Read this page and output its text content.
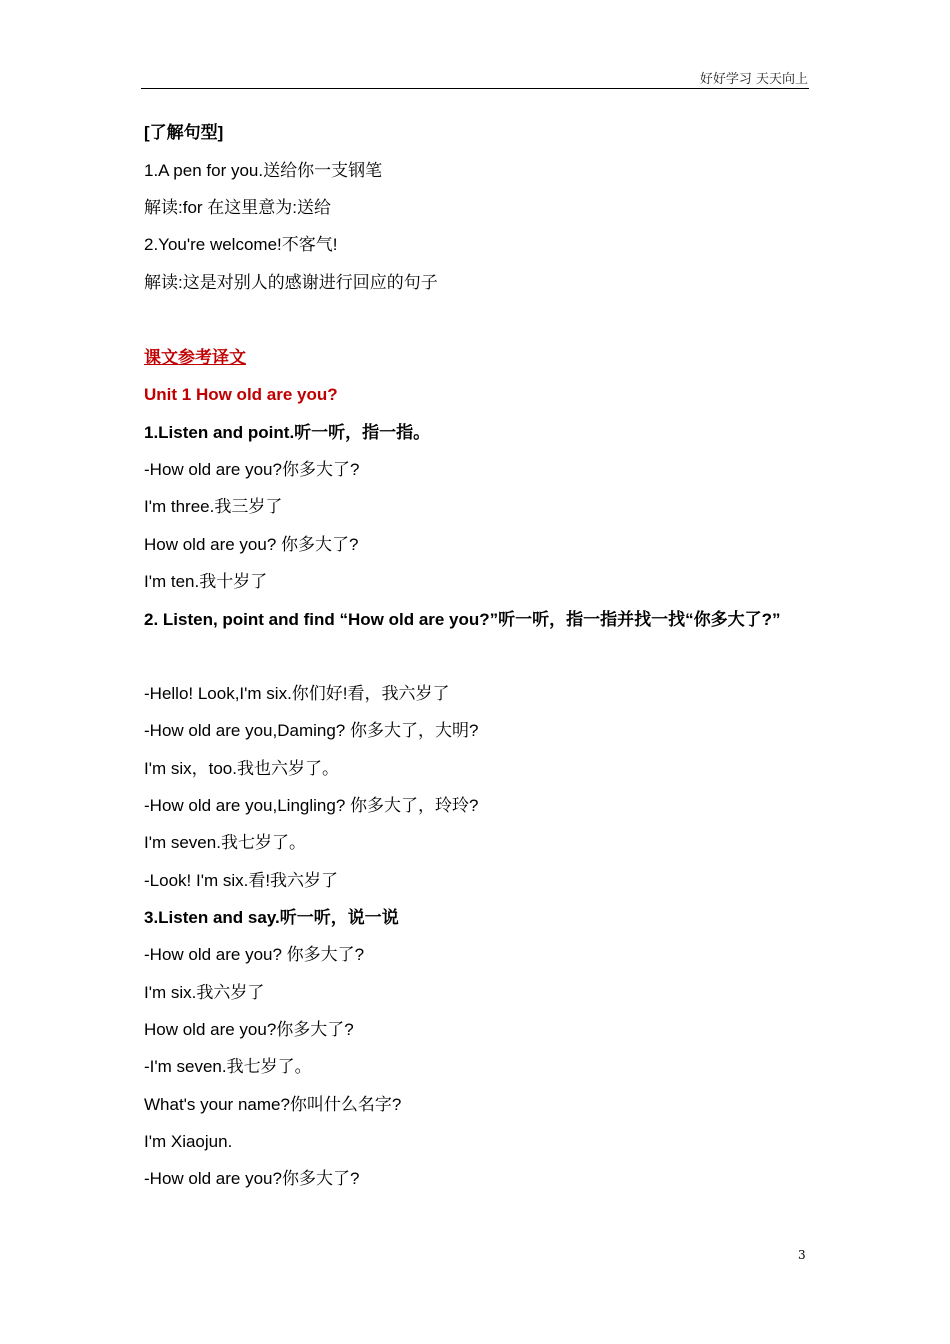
好好学习 天天向上
[了解句型]
1.A pen for you.送给你一支钢笔
解读:for 在这里意为:送给
2.You're welcome!不客气!
解读:这是对别人的感谢进行回应的句子
课文参考译文
Unit 1 How old are you?
1.Listen and point.听一听，指一指。
-How old are you?你多大了?
I'm three.我三岁了
How old are you? 你多大了?
I'm ten.我十岁了
2. Listen, point and find “How old are you?”听一听，指一指并找一找“你多大了?”
-Hello! Look,I'm six.你们好!看，我六岁了
-How old are you,Daming? 你多大了，大明?
I'm six，too.我也六岁了。
-How old are you,Lingling? 你多大了，玲玲?
I'm seven.我七岁了。
-Look! I'm six.看!我六岁了
3.Listen and say.听一听，说一说
-How old are you? 你多大了?
I'm six.我六岁了
How old are you?你多大了?
-I'm seven.我七岁了。
What's your name?你叫什么名字?
I'm Xiaojun.
-How old are you?你多大了?
3
